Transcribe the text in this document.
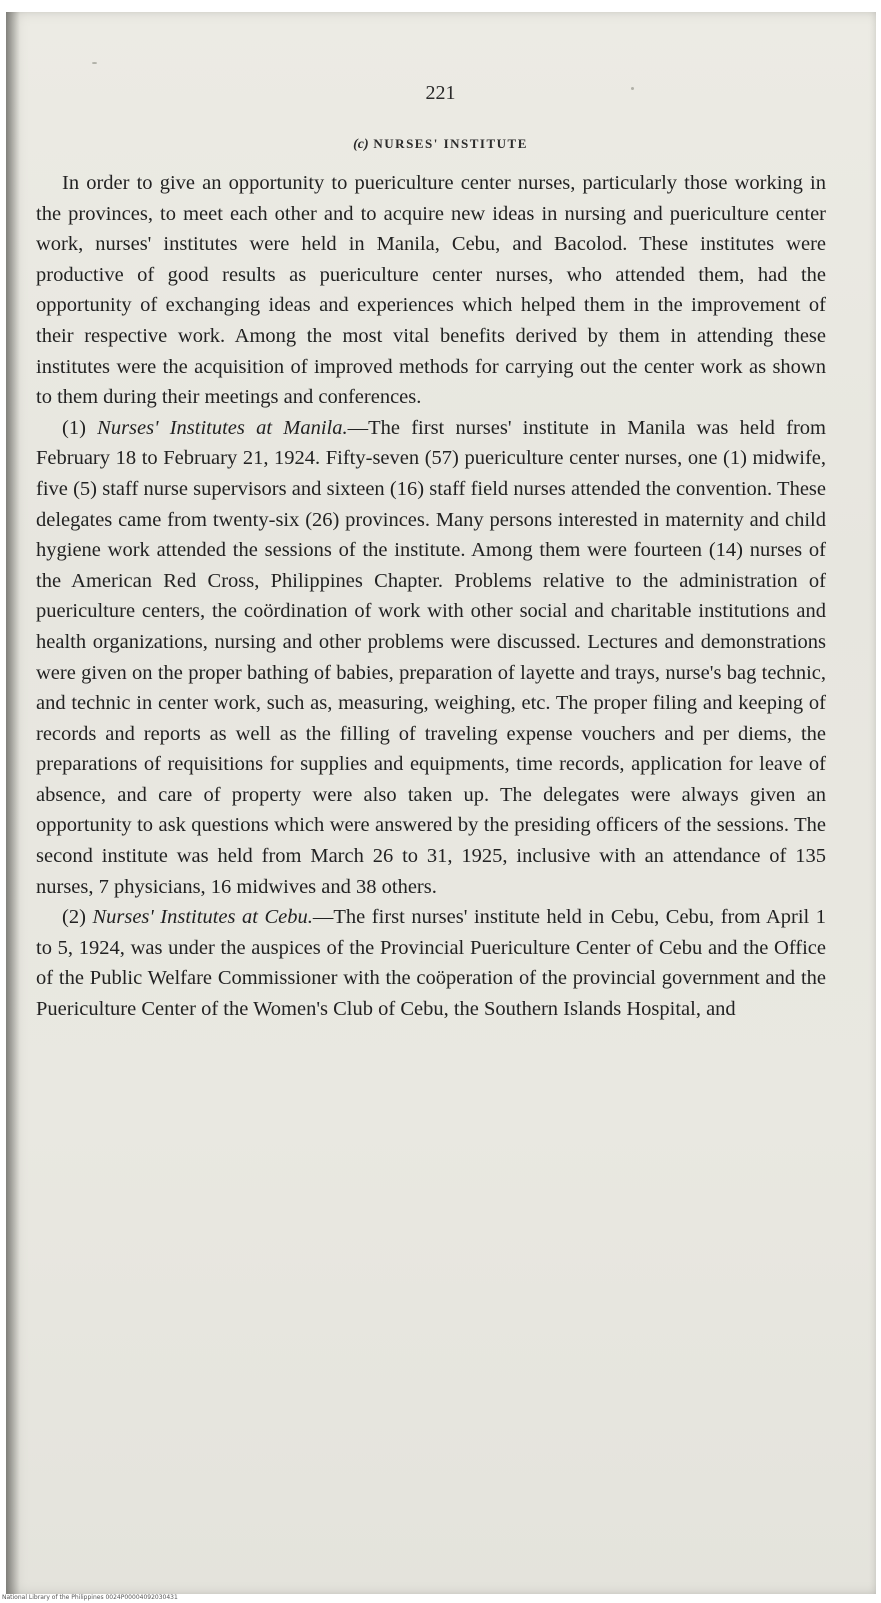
221
(c) NURSES' INSTITUTE

In order to give an opportunity to puericulture center nurses, particularly those working in the provinces, to meet each other and to acquire new ideas in nursing and puericulture center work, nurses' institutes were held in Manila, Cebu, and Bacolod. These institutes were productive of good results as puericulture center nurses, who attended them, had the opportunity of exchanging ideas and experiences which helped them in the improvement of their respective work. Among the most vital benefits derived by them in attending these institutes were the acquisition of improved methods for carrying out the center work as shown to them during their meetings and conferences.

(1) Nurses' Institutes at Manila.—The first nurses' institute in Manila was held from February 18 to February 21, 1924. Fifty-seven (57) puericulture center nurses, one (1) midwife, five (5) staff nurse supervisors and sixteen (16) staff field nurses attended the convention. These delegates came from twenty-six (26) provinces. Many persons interested in maternity and child hygiene work attended the sessions of the institute. Among them were fourteen (14) nurses of the American Red Cross, Philippines Chapter. Problems relative to the administration of puericulture centers, the coördination of work with other social and charitable institutions and health organizations, nursing and other problems were discussed. Lectures and demonstrations were given on the proper bathing of babies, preparation of layette and trays, nurse's bag technic, and technic in center work, such as, measuring, weighing, etc. The proper filing and keeping of records and reports as well as the filling of traveling expense vouchers and per diems, the preparations of requisitions for supplies and equipments, time records, application for leave of absence, and care of property were also taken up. The delegates were always given an opportunity to ask questions which were answered by the presiding officers of the sessions. The second institute was held from March 26 to 31, 1925, inclusive with an attendance of 135 nurses, 7 physicians, 16 midwives and 38 others.

(2) Nurses' Institutes at Cebu.—The first nurses' institute held in Cebu, Cebu, from April 1 to 5, 1924, was under the auspices of the Provincial Puericulture Center of Cebu and the Office of the Public Welfare Commissioner with the coöperation of the provincial government and the Puericulture Center of the Women's Club of Cebu, the Southern Islands Hospital, and

National Library of the Philippines 0024P00004092030431
